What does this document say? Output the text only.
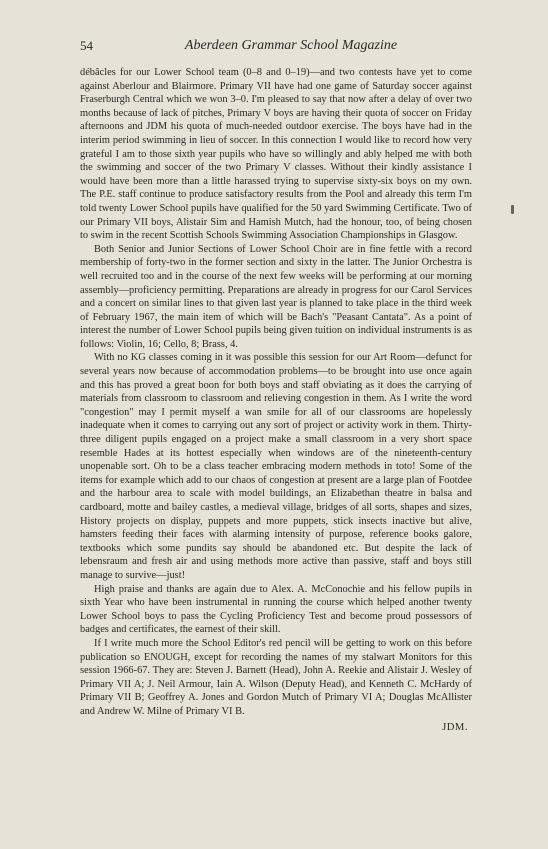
54	Aberdeen Grammar School Magazine

débâcles for our Lower School team (0–8 and 0–19)—and two contests have yet to come against Aberlour and Blairmore. Primary VII have had one game of Saturday soccer against Fraserburgh Central which we won 3–0. I'm pleased to say that now after a delay of over two months because of lack of pitches, Primary V boys are having their quota of soccer on Friday afternoons and JDM his quota of much-needed outdoor exercise. The boys have had in the interim period swimming in lieu of soccer. In this connection I would like to record how very grateful I am to those sixth year pupils who have so willingly and ably helped me with both the swimming and soccer of the two Primary V classes. Without their kindly assistance I would have been more than a little harassed trying to supervise sixty-six boys on my own. The P.E. staff continue to produce satisfactory results from the Pool and already this term I'm told twenty Lower School pupils have qualified for the 50 yard Swimming Certificate. Two of our Primary VII boys, Alistair Sim and Hamish Mutch, had the honour, too, of being chosen to swim in the recent Scottish Schools Swimming Association Championships in Glasgow.

Both Senior and Junior Sections of Lower School Choir are in fine fettle with a record membership of forty-two in the former section and sixty in the latter. The Junior Orchestra is well recruited too and in the course of the next few weeks will be performing at our morning assembly—proficiency permitting. Preparations are already in progress for our Carol Services and a concert on similar lines to that given last year is planned to take place in the third week of February 1967, the main item of which will be Bach's "Peasant Cantata". As a point of interest the number of Lower School pupils being given tuition on individual instruments is as follows: Violin, 16; Cello, 8; Brass, 4.

With no KG classes coming in it was possible this session for our Art Room—defunct for several years now because of accommodation problems—to be brought into use once again and this has proved a great boon for both boys and staff obviating as it does the carrying of materials from classroom to classroom and relieving congestion in them. As I write the word "congestion" may I permit myself a wan smile for all of our classrooms are hopelessly inadequate when it comes to carrying out any sort of project or activity work in them. Thirty-three diligent pupils engaged on a project make a small classroom in a very short space resemble Hades at its hottest especially when windows are of the nineteenth-century unopenable sort. Oh to be a class teacher embracing modern methods in toto! Some of the items for example which add to our chaos of congestion at present are a large plan of Footdee and the harbour area to scale with model buildings, an Elizabethan theatre in balsa and cardboard, motte and bailey castles, a medieval village, bridges of all sorts, shapes and sizes, History projects on display, puppets and more puppets, stick insects inactive but alive, hamsters feeding their faces with alarming intensity of purpose, reference books galore, textbooks which some pundits say should be abandoned etc. But despite the lack of lebensraum and fresh air and using methods more active than passive, staff and boys still manage to survive—just!

High praise and thanks are again due to Alex. A. McConochie and his fellow pupils in sixth Year who have been instrumental in running the course which helped another twenty Lower School boys to pass the Cycling Proficiency Test and become proud possessors of badges and certificates, the earnest of their skill.

If I write much more the School Editor's red pencil will be getting to work on this before publication so ENOUGH, except for recording the names of my stalwart Monitors for this session 1966-67. They are: Steven J. Barnett (Head), John A. Reekie and Alistair J. Wesley of Primary VII A; J. Neil Armour, Iain A. Wilson (Deputy Head), and Kenneth C. McHardy of Primary VII B; Geoffrey A. Jones and Gordon Mutch of Primary VI A; Douglas McAllister and Andrew W. Milne of Primary VI B.

JDM.
